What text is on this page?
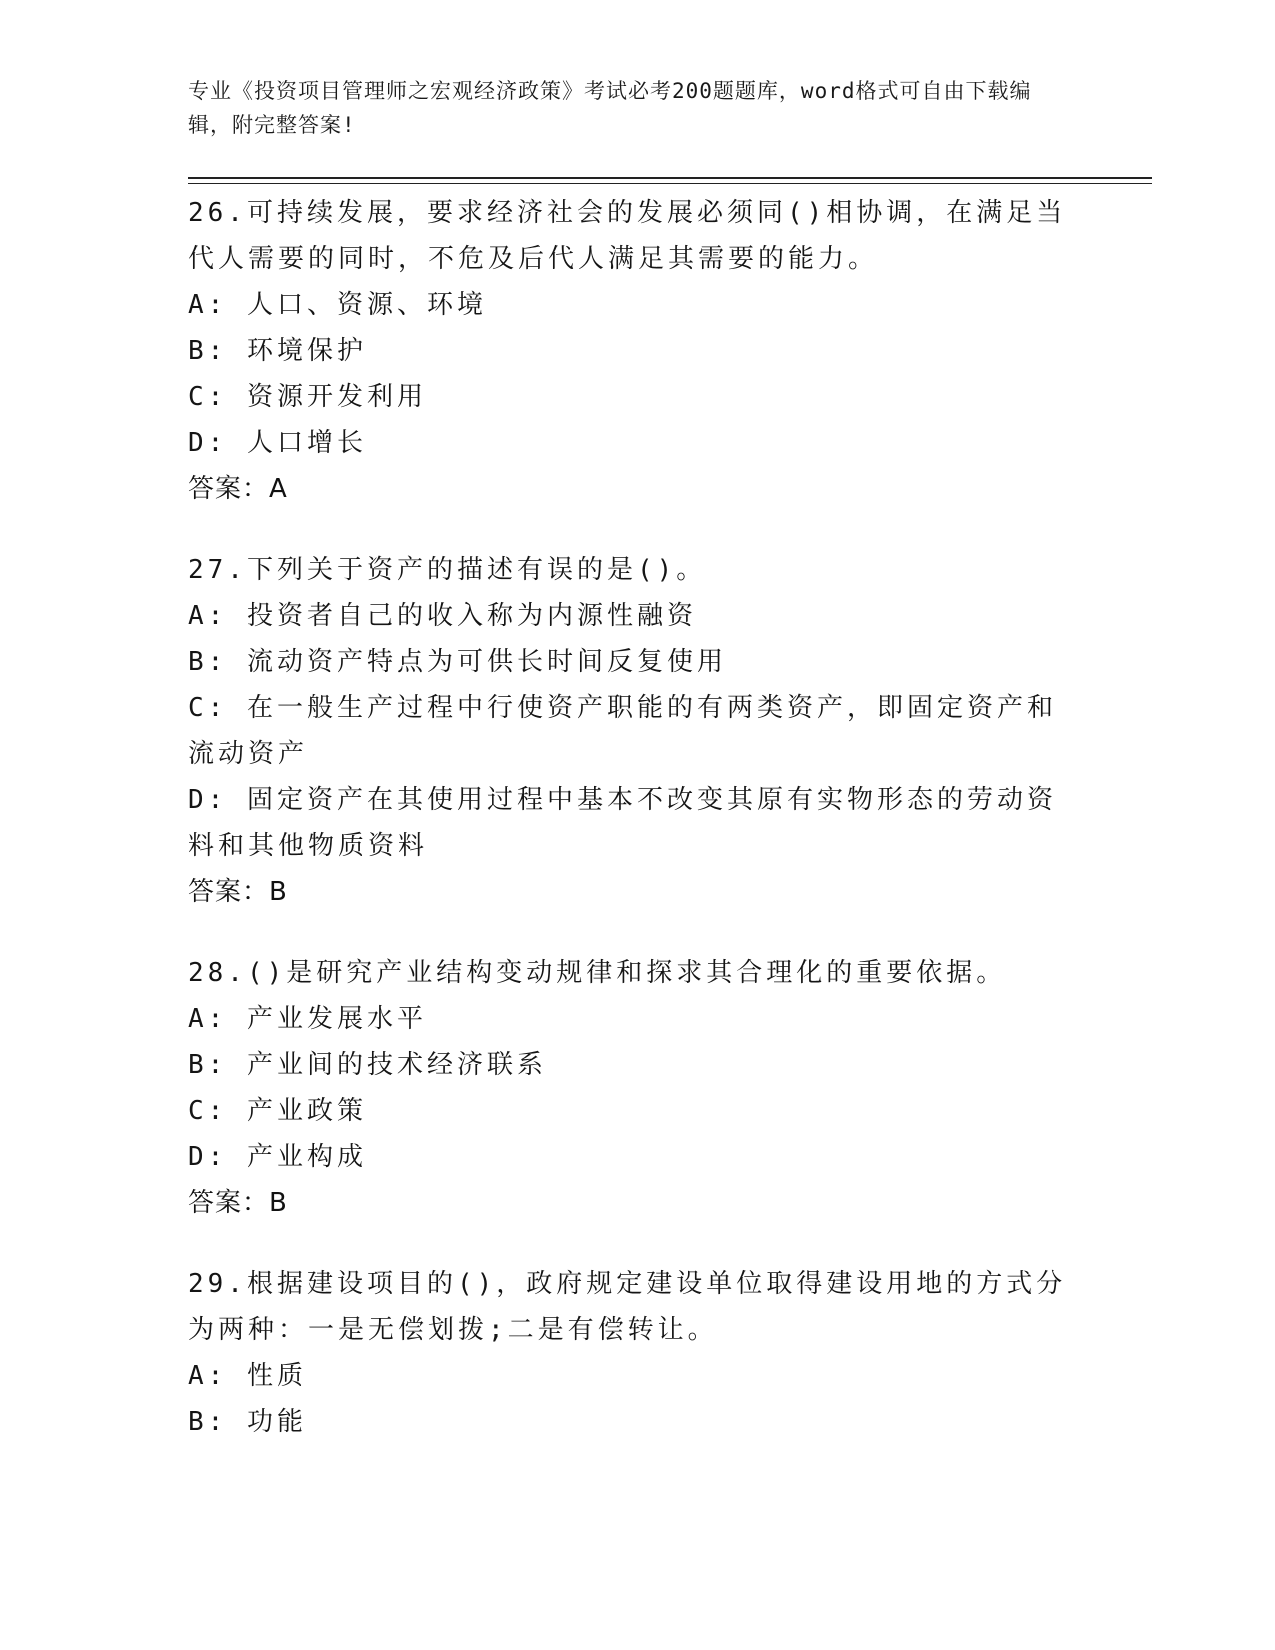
专业《投资项目管理师之宏观经济政策》考试必考200题题库，word格式可自由下载编辑，附完整答案!

26.可持续发展，要求经济社会的发展必须同()相协调，在满足当代人需要的同时，不危及后代人满足其需要的能力。

A: 人口、资源、环境

B: 环境保护

C: 资源开发利用

D: 人口增长

答案：A

27.下列关于资产的描述有误的是()。

A: 投资者自己的收入称为内源性融资

B: 流动资产特点为可供长时间反复使用

C: 在一般生产过程中行使资产职能的有两类资产，即固定资产和流动资产

D: 固定资产在其使用过程中基本不改变其原有实物形态的劳动资料和其他物质资料

答案：B

28.()是研究产业结构变动规律和探求其合理化的重要依据。

A: 产业发展水平

B: 产业间的技术经济联系

C: 产业政策

D: 产业构成

答案：B

29.根据建设项目的()，政府规定建设单位取得建设用地的方式分为两种：一是无偿划拨;二是有偿转让。

A: 性质

B: 功能
